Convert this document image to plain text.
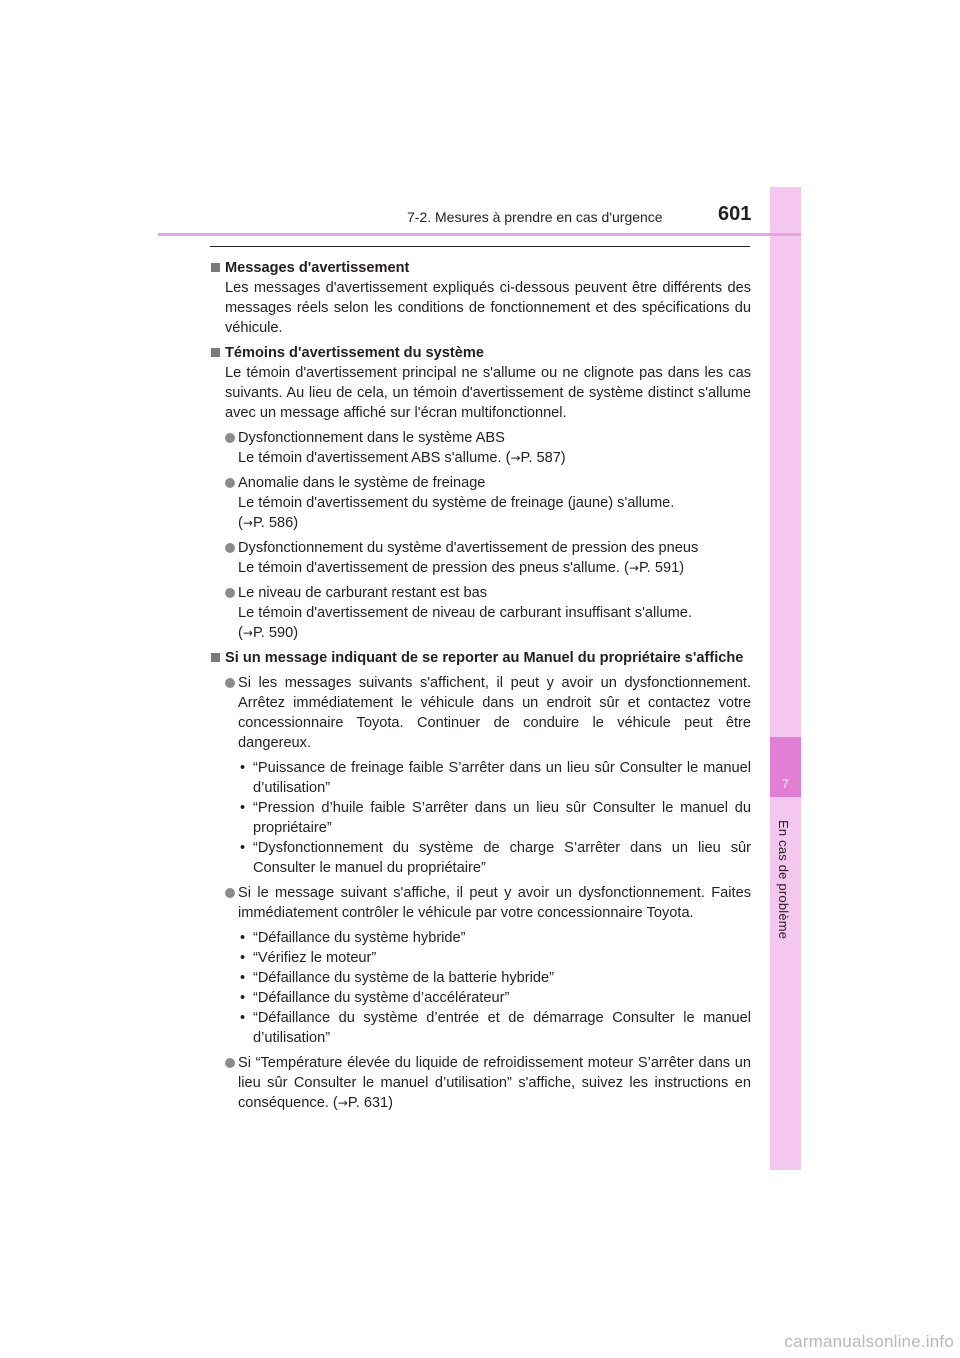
7
En cas de problème
7-2. Mesures à prendre en cas d'urgence	601
Messages d'avertissement
Les messages d'avertissement expliqués ci-dessous peuvent être différents des messages réels selon les conditions de fonctionnement et des spécifications du véhicule.
Témoins d'avertissement du système
Le témoin d'avertissement principal ne s'allume ou ne clignote pas dans les cas suivants. Au lieu de cela, un témoin d'avertissement de système distinct s'allume avec un message affiché sur l'écran multifonctionnel.
Dysfonctionnement dans le système ABS
Le témoin d'avertissement ABS s'allume. (→P. 587)
Anomalie dans le système de freinage
Le témoin d'avertissement du système de freinage (jaune) s'allume.
(→P. 586)
Dysfonctionnement du système d'avertissement de pression des pneus
Le témoin d'avertissement de pression des pneus s'allume. (→P. 591)
Le niveau de carburant restant est bas
Le témoin d'avertissement de niveau de carburant insuffisant s'allume.
(→P. 590)
Si un message indiquant de se reporter au Manuel du propriétaire s'affiche
Si les messages suivants s'affichent, il peut y avoir un dysfonctionnement. Arrêtez immédiatement le véhicule dans un endroit sûr et contactez votre concessionnaire Toyota. Continuer de conduire le véhicule peut être dangereux.
• “Puissance de freinage faible S’arrêter dans un lieu sûr Consulter le manuel d’utilisation”
• “Pression d’huile faible S’arrêter dans un lieu sûr Consulter le manuel du propriétaire”
• “Dysfonctionnement du système de charge S’arrêter dans un lieu sûr Consulter le manuel du propriétaire”
Si le message suivant s'affiche, il peut y avoir un dysfonctionnement. Faites immédiatement contrôler le véhicule par votre concessionnaire Toyota.
• “Défaillance du système hybride”
• “Vérifiez le moteur”
• “Défaillance du système de la batterie hybride”
• “Défaillance du système d’accélérateur”
• “Défaillance du système d’entrée et de démarrage Consulter le manuel d’utilisation”
Si “Température élevée du liquide de refroidissement moteur S’arrêter dans un lieu sûr Consulter le manuel d’utilisation” s'affiche, suivez les instructions en conséquence. (→P. 631)
carmanualsonline.info
